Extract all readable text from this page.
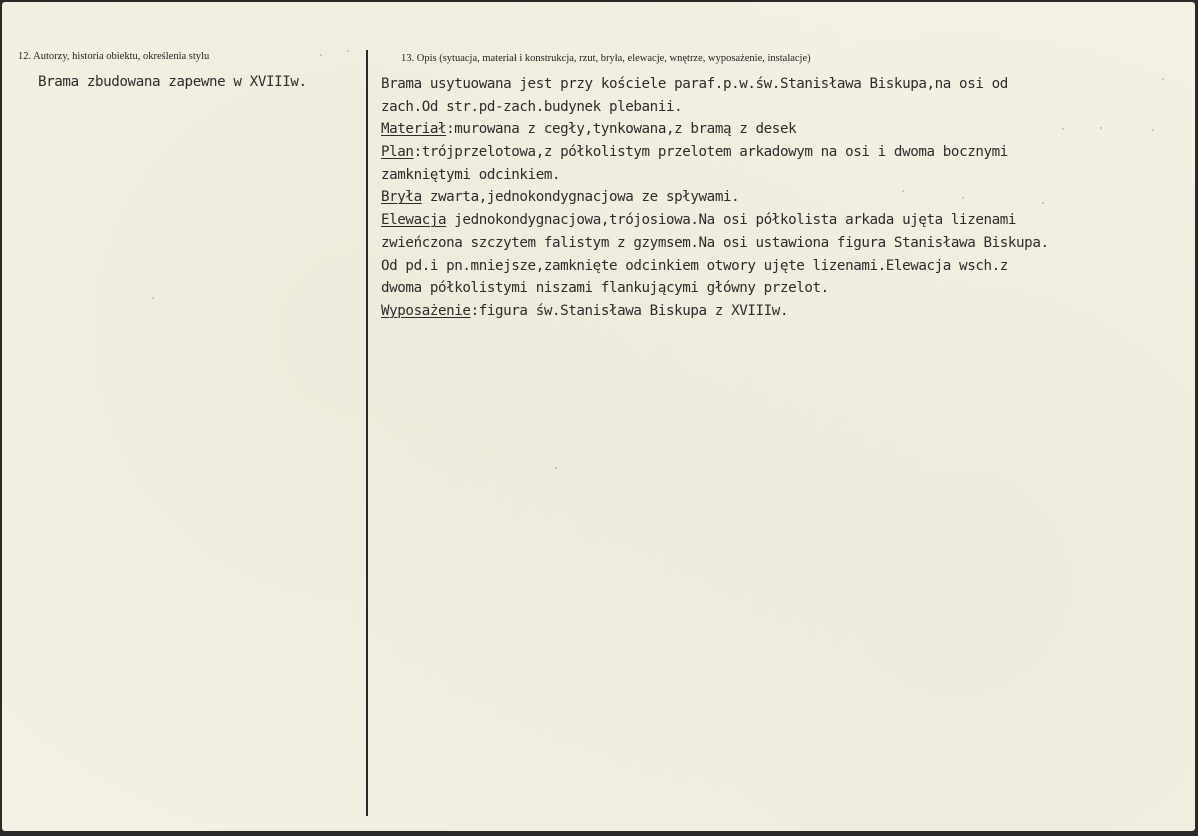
12. Autorzy, historia obiektu, określenia stylu	13. Opis (sytuacja, materiał i konstrukcja, rzut, bryła, elewacje, wnętrze, wyposażenie, instalacje)
Brama zbudowana zapewne w XVIIIw.	Brama usytuowana jest przy kościele paraf.p.w.św.Stanisława Biskupa,na osi od
zach.Od str.pd-zach.budynek plebanii.
Materiał:murowana z cegły,tynkowana,z bramą z desek
Plan:trójprzelotowa,z półkolistym przelotem arkadowym na osi i dwoma bocznymi
zamkniętymi odcinkiem.
Bryła zwarta,jednokondygnacjowa ze spływami.
Elewacja jednokondygnacjowa,trójosiowa.Na osi półkolista arkada ujęta lizenami
zwieńczona szczytem falistym z gzymsem.Na osi ustawiona figura Stanisława Biskupa.
Od pd.i pn.mniejsze,zamknięte odcinkiem otwory ujęte lizenami.Elewacja wsch.z
dwoma półkolistymi niszami flankującymi główny przelot.
Wyposażenie:figura św.Stanisława Biskupa z XVIIIw.
